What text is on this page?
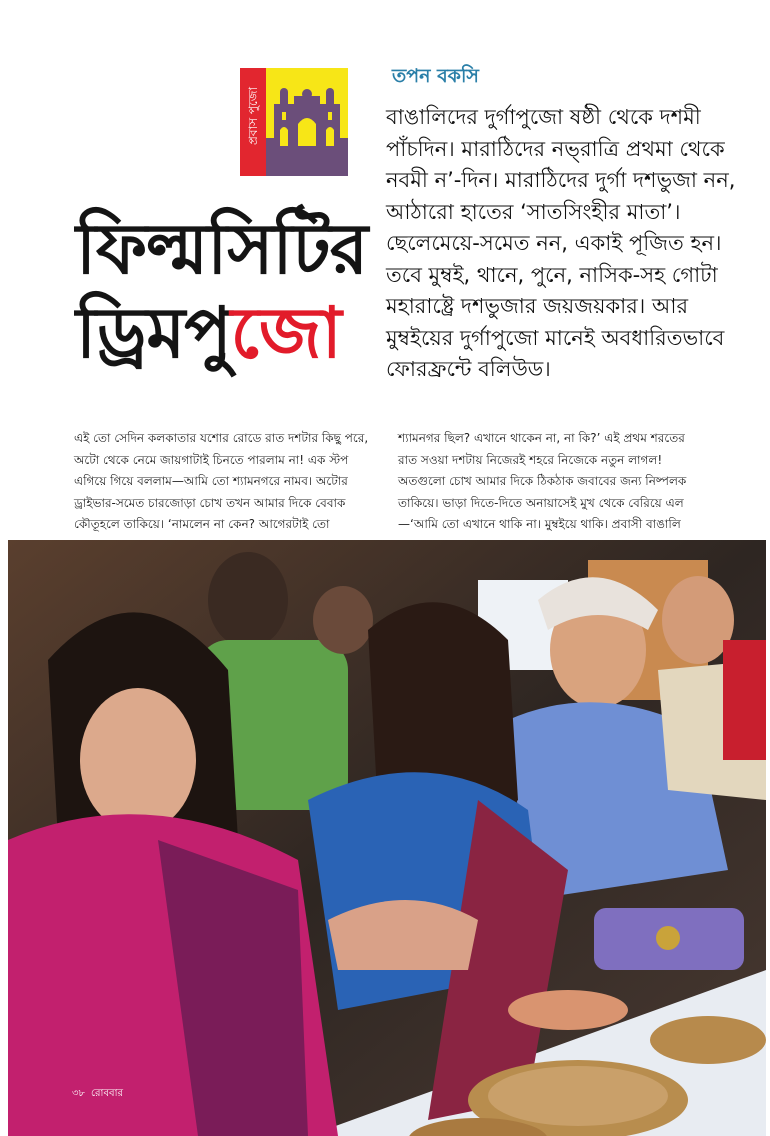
প্রবাস পুজো
তপন বকসি
বাঙালিদের দুর্গাপুজো ষষ্ঠী থেকে দশমী পাঁচদিন। মারাঠিদের নভ্‌রাত্রি প্রথমা থেকে নবমী ন’-দিন। মারাঠিদের দুর্গা দশভুজা নন, আঠারো হাতের ‘সাতসিংহীর মাতা’। ছেলেমেয়ে-সমেত নন, একাই পূজিত হন। তবে মুম্বই, থানে, পুনে, নাসিক-সহ গোটা মহারাষ্ট্রে দশভুজার জয়জয়কার। আর মুম্বইয়ের দুর্গাপুজো মানেই অবধারিতভাবে ফোরফ্রন্টে বলিউড।
ফিল্সিটির
ড্রিমপুজো
এই তো সেদিন কলকাতার যশোর রোডে রাত দশটার কিছু পরে, অটো থেকে নেমে জায়গাটাই চিনতে পারলাম না! এক স্টপ এগিয়ে গিয়ে বললাম—আমি তো শ্যামনগরে নামব। অটোর ড্রাইভার-সমেত চারজোড়া চোখ তখন আমার দিকে বেবাক কৌতূহলে তাকিয়ে। ‘নামলেন না কেন? আগেরটাই তো
শ্যামনগর ছিল? এখানে থাকেন না, না কি?’ এই প্রথম শরতের রাত সওয়া দশটায় নিজেরই শহরে নিজেকে নতুন লাগল! অতগুলো চোখ আমার দিকে ঠিকঠাক জবাবের জন্য নিষ্পলক তাকিয়ে। ভাড়া দিতে-দিতে অনায়াসেই মুখ থেকে বেরিয়ে এল—‘আমি তো এখানে থাকি না। মুম্বইয়ে থাকি। প্রবাসী বাঙালি
৩৮ রোববার
